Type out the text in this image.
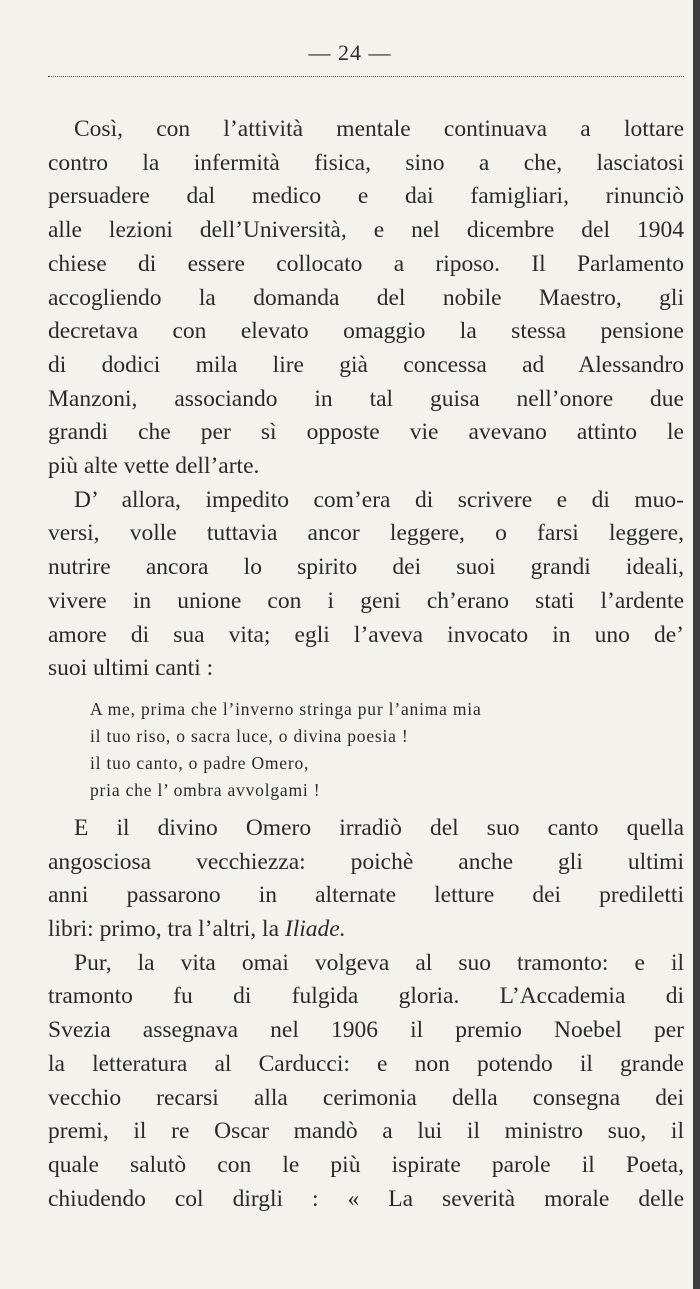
— 24 —
Così, con l’attività mentale continuava a lottare
contro la infermità fisica, sino a che, lasciatosi
persuadere dal medico e dai famigliari, rinunciò
alle lezioni dell’Università, e nel dicembre del 1904
chiese di essere collocato a riposo. Il Parlamento
accogliendo la domanda del nobile Maestro, gli
decretava con elevato omaggio la stessa pensione
di dodici mila lire già concessa ad Alessandro
Manzoni, associando in tal guisa nell’onore due
grandi che per sì opposte vie avevano attinto le
più alte vette dell’arte.
D’ allora, impedito com’era di scrivere e di muo-
versi, volle tuttavia ancor leggere, o farsi leggere,
nutrire ancora lo spirito dei suoi grandi ideali,
vivere in unione con i geni ch’erano stati l’ardente
amore di sua vita; egli l’aveva invocato in uno de’
suoi ultimi canti :
A me, prima che l’inverno stringa pur l’anima mia
il tuo riso, o sacra luce, o divina poesia !
il tuo canto, o padre Omero,
pria che l’ ombra avvolgami !
E il divino Omero irradiò del suo canto quella
angosciosa vecchiezza: poichè anche gli ultimi
anni passarono in alternate letture dei prediletti
libri: primo, tra l’altri, la Iliade.
Pur, la vita omai volgeva al suo tramonto: e il
tramonto fu di fulgida gloria. L’Accademia di
Svezia assegnava nel 1906 il premio Noebel per
la letteratura al Carducci: e non potendo il grande
vecchio recarsi alla cerimonia della consegna dei
premi, il re Oscar mandò a lui il ministro suo, il
quale salutò con le più ispirate parole il Poeta,
chiudendo col dirgli : « La severità morale delle
